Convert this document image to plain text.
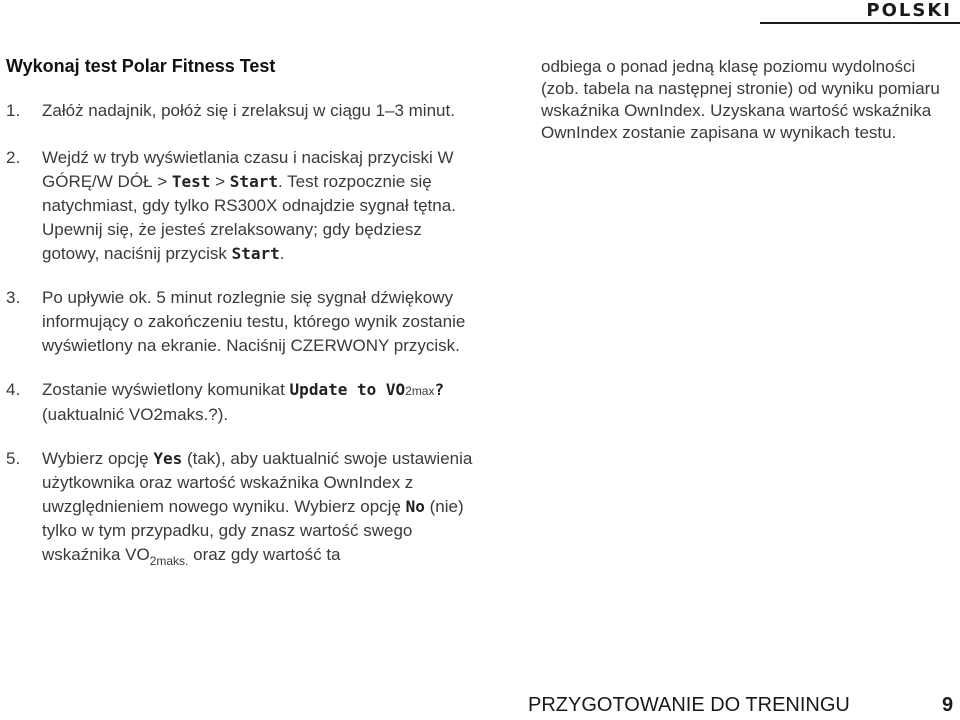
POLSKI
Wykonaj test Polar Fitness Test
1.	Załóż nadajnik, połóż się i zrelaksuj w ciągu 1–3 minut.
2.	Wejdź w tryb wyświetlania czasu i naciskaj przyciski W GÓRĘ/W DÓŁ > Test > Start. Test rozpocznie się natychmiast, gdy tylko RS300X odnajdzie sygnał tętna. Upewnij się, że jesteś zrelaksowany; gdy będziesz gotowy, naciśnij przycisk Start.
3.	Po upływie ok. 5 minut rozlegnie się sygnał dźwiękowy informujący o zakończeniu testu, którego wynik zostanie wyświetlony na ekranie. Naciśnij CZERWONY przycisk.
4.	Zostanie wyświetlony komunikat Update to VO2max? (uaktualnić VO2maks.?).
5.	Wybierz opcję Yes (tak), aby uaktualnić swoje ustawienia użytkownika oraz wartość wskaźnika OwnIndex z uwzględnieniem nowego wyniku. Wybierz opcję No (nie) tylko w tym przypadku, gdy znasz wartość swego wskaźnika $VO_{2maks.}$ oraz gdy wartość ta
odbiega o ponad jedną klasę poziomu wydolności (zob. tabela na następnej stronie) od wyniku pomiaru wskaźnika OwnIndex. Uzyskana wartość wskaźnika OwnIndex zostanie zapisana w wynikach testu.
PRZYGOTOWANIE DO TRENINGU	9
